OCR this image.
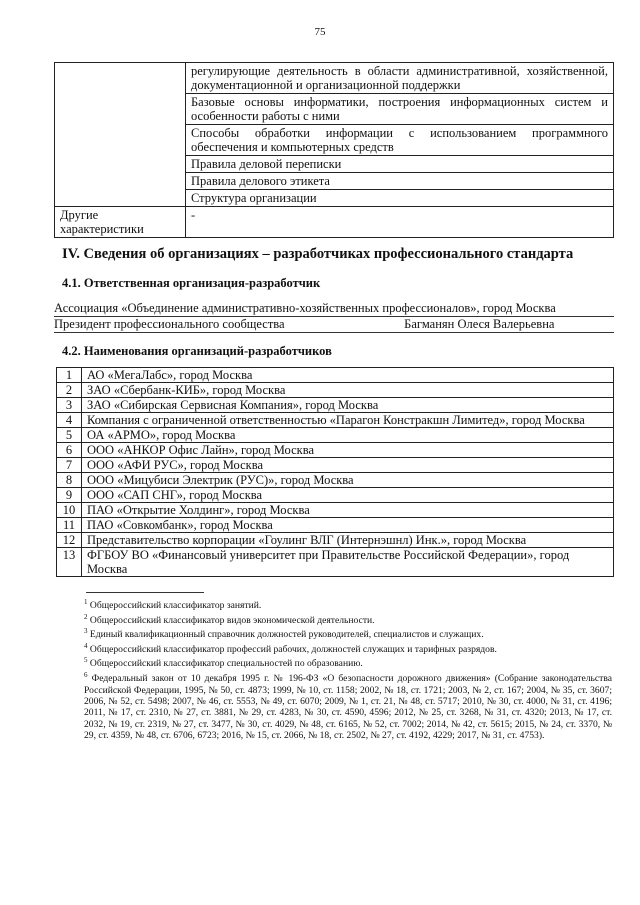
75
	регулирующие деятельность в области административной, хозяйственной, документационной и организационной поддержки
	Базовые основы информатики, построения информационных систем и особенности работы с ними
	Способы обработки информации с использованием программного обеспечения и компьютерных средств
	Правила деловой переписки
	Правила делового этикета
	Структура организации
Другие характеристики	-
IV. Сведения об организациях – разработчиках профессионального стандарта
4.1. Ответственная организация-разработчик
Ассоциация «Объединение административно-хозяйственных профессионалов», город Москва
Президент профессионального сообщества	Багманян Олеся Валерьевна
4.2. Наименования организаций-разработчиков
1	АО «МегаЛабс», город Москва
2	ЗАО «Сбербанк-КИБ», город Москва
3	ЗАО «Сибирская Сервисная Компания», город Москва
4	Компания с ограниченной ответственностью «Парагон Констракшн Лимитед», город Москва
5	ОА «АРМО», город Москва
6	ООО «АНКОР Офис Лайн», город Москва
7	ООО «АФИ РУС», город Москва
8	ООО «Мицубиси Электрик (РУС)», город Москва
9	ООО «САП СНГ», город Москва
10	ПАО «Открытие Холдинг», город Москва
11	ПАО «Совкомбанк», город Москва
12	Представительство корпорации «Гоулинг ВЛГ (Интернэшнл) Инк.», город Москва
13	ФГБОУ ВО «Финансовый университет при Правительстве Российской Федерации», город Москва

$^1$ Общероссийский классификатор занятий.

$^2$ Общероссийский классификатор видов экономической деятельности.

$^3$ Единый квалификационный справочник должностей руководителей, специалистов и служащих.

$^4$ Общероссийский классификатор профессий рабочих, должностей служащих и тарифных разрядов.

$^5$ Общероссийский классификатор специальностей по образованию.

$^6$ Федеральный закон от 10 декабря 1995 г. № 196-ФЗ «О безопасности дорожного движения» (Собрание законодательства Российской Федерации, 1995, № 50, ст. 4873; 1999, № 10, ст. 1158; 2002, № 18, ст. 1721; 2003, № 2, ст. 167; 2004, № 35, ст. 3607; 2006, № 52, ст. 5498; 2007, № 46, ст. 5553, № 49, ст. 6070; 2009, № 1, ст. 21, № 48, ст. 5717; 2010, № 30, ст. 4000, № 31, ст. 4196; 2011, № 17, ст. 2310, № 27, ст. 3881, № 29, ст. 4283, № 30, ст. 4590, 4596; 2012, № 25, ст. 3268, № 31, ст. 4320; 2013, № 17, ст. 2032, № 19, ст. 2319, № 27, ст. 3477, № 30, ст. 4029, № 48, ст. 6165, № 52, ст. 7002; 2014, № 42, ст. 5615; 2015, № 24, ст. 3370, № 29, ст. 4359, № 48, ст. 6706, 6723; 2016, № 15, ст. 2066, № 18, ст. 2502, № 27, ст. 4192, 4229; 2017, № 31, ст. 4753).
